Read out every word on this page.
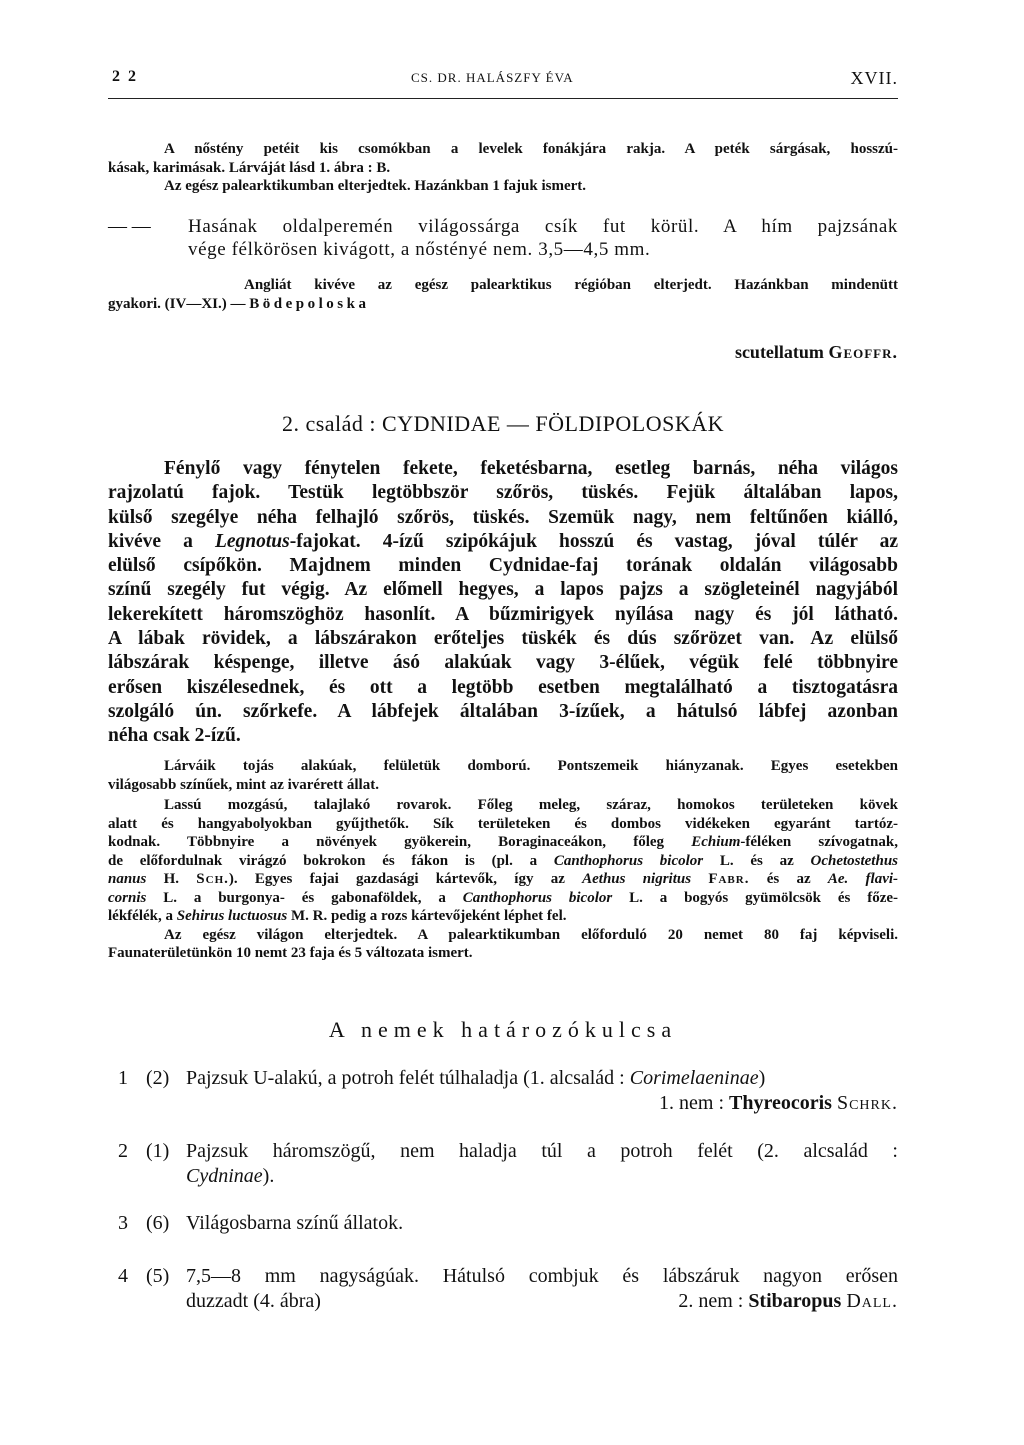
2 2	CS. DR. HALÁSZFY ÉVA	XVII.
A nőstény petéit kis csomókban a levelek fonákjára rakja. A peték sárgásak, hosszú-
kásak, karimásak. Lárváját lásd 1. ábra : B.
Az egész palearktikumban elterjedtek. Hazánkban 1 fajuk ismert.
— —	Hasának oldalperemén világossárga csík fut körül. A hím pajzsának
vége félkörösen kivágott, a nőstényé nem. 3,5—4,5 mm.
Angliát kivéve az egész palearktikus régióban elterjedt. Hazánkban mindenütt
gyakori. (IV—XI.) — Bödepoloska
scutellatum Geoffr.
2. család : CYDNIDAE — FÖLDIPOLOSKÁK
Fénylő vagy fénytelen fekete, feketésbarna, esetleg barnás, néha világos
rajzolatú fajok. Testük legtöbbször szőrös, tüskés. Fejük általában lapos,
külső szegélye néha felhajló szőrös, tüskés. Szemük nagy, nem feltűnően kiálló,
kivéve a Legnotus-fajokat. 4-ízű szipókájuk hosszú és vastag, jóval túlér az
elülső csípőkön. Majdnem minden Cydnidae-faj torának oldalán világosabb
színű szegély fut végig. Az előmell hegyes, a lapos pajzs a szögleteinél nagyjából
lekerekített háromszöghöz hasonlít. A bűzmirigyek nyílása nagy és jól látható.
A lábak rövidek, a lábszárakon erőteljes tüskék és dús szőrözet van. Az elülső
lábszárak késpenge, illetve ásó alakúak vagy 3-élűek, végük felé többnyire
erősen kiszélesednek, és ott a legtöbb esetben megtalálható a tisztogatásra
szolgáló ún. szőrkefe. A lábfejek általában 3-ízűek, a hátulsó lábfej azonban
néha csak 2-ízű.
Lárváik tojás alakúak, felületük domború. Pontszemeik hiányzanak. Egyes esetekben
világosabb színűek, mint az ivarérett állat.
Lassú mozgású, talajlakó rovarok. Főleg meleg, száraz, homokos területeken kövek
alatt és hangyabolyokban gyűjthetők. Sík területeken és dombos vidékeken egyaránt tartóz-
kodnak. Többnyire a növények gyökerein, Boraginaceákon, főleg Echium-féléken szívogatnak,
de előfordulnak virágzó bokrokon és fákon is (pl. a Canthophorus bicolor L. és az Ochetostethus
nanus H. Sch.). Egyes fajai gazdasági kártevők, így az Aethus nigritus Fabr. és az Ae. flavi-
cornis L. a burgonya- és gabonaföldek, a Canthophorus bicolor L. a bogyós gyümölcsök és főze-
lékfélék, a Sehirus luctuosus M. R. pedig a rozs kártevőjeként léphet fel.
Az egész világon elterjedtek. A palearktikumban előforduló 20 nemet 80 faj képviseli.
Faunaterületünkön 10 nemt 23 faja és 5 változata ismert.
A nemek határozókulcsa
1 (2) Pajzsuk U-alakú, a potroh felét túlhaladja (1. alcsalád : Corimelaeninae)
1. nem : Thyreocoris Schrk.
2 (1) Pajzsuk háromszögű, nem haladja túl a potroh felét (2. alcsalád :
Cydninae).
3 (6) Világosbarna színű állatok.
4 (5) 7,5—8 mm nagyságúak. Hátulsó combjuk és lábszáruk nagyon erősen
duzzadt (4. ábra)	2. nem : Stibaropus Dall.
